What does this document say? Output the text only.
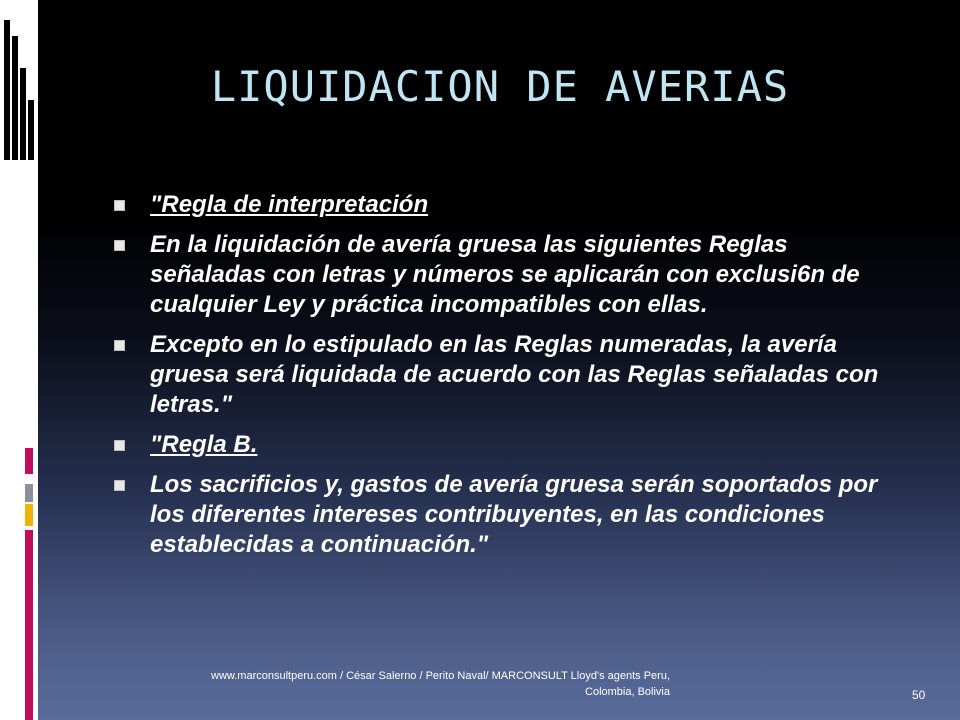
LIQUIDACION DE AVERIAS
"Regla de interpretación
En la liquidación de avería gruesa las siguientes Reglas señaladas con letras y números se aplicarán con exclusi6n de cualquier Ley y práctica incompatibles con ellas.
Excepto en lo estipulado en las Reglas numeradas, la avería gruesa será liquidada de acuerdo con las Reglas señaladas con letras."
"Regla B.
Los sacrificios y, gastos de avería gruesa serán soportados por los diferentes intereses contribuyentes, en las condiciones establecidas a continuación."
www.marconsultperu.com / César Salerno / Perito Naval/ MARCONSULT Lloyd's agents Peru,
Colombia, Bolivia	50
